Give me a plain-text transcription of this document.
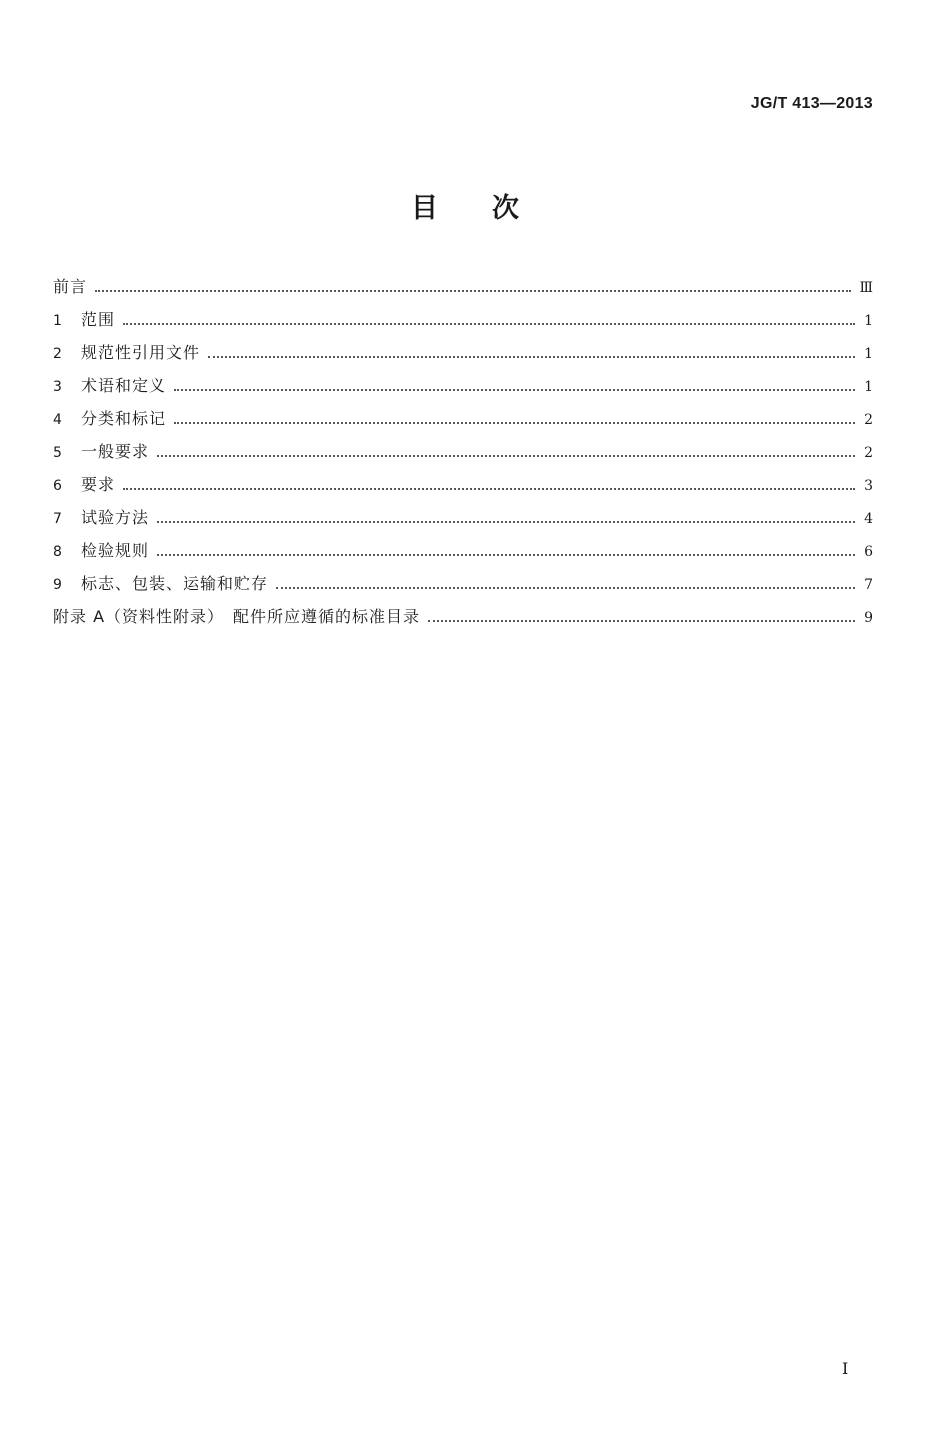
JG/T 413—2013
目次
前言	Ⅲ
1	范围	1
2	规范性引用文件	1
3	术语和定义	1
4	分类和标记	2
5	一般要求	2
6	要求	3
7	试验方法	4
8	检验规则	6
9	标志、包装、运输和贮存	7
附录 A（资料性附录）　配件所应遵循的标准目录	9
I
